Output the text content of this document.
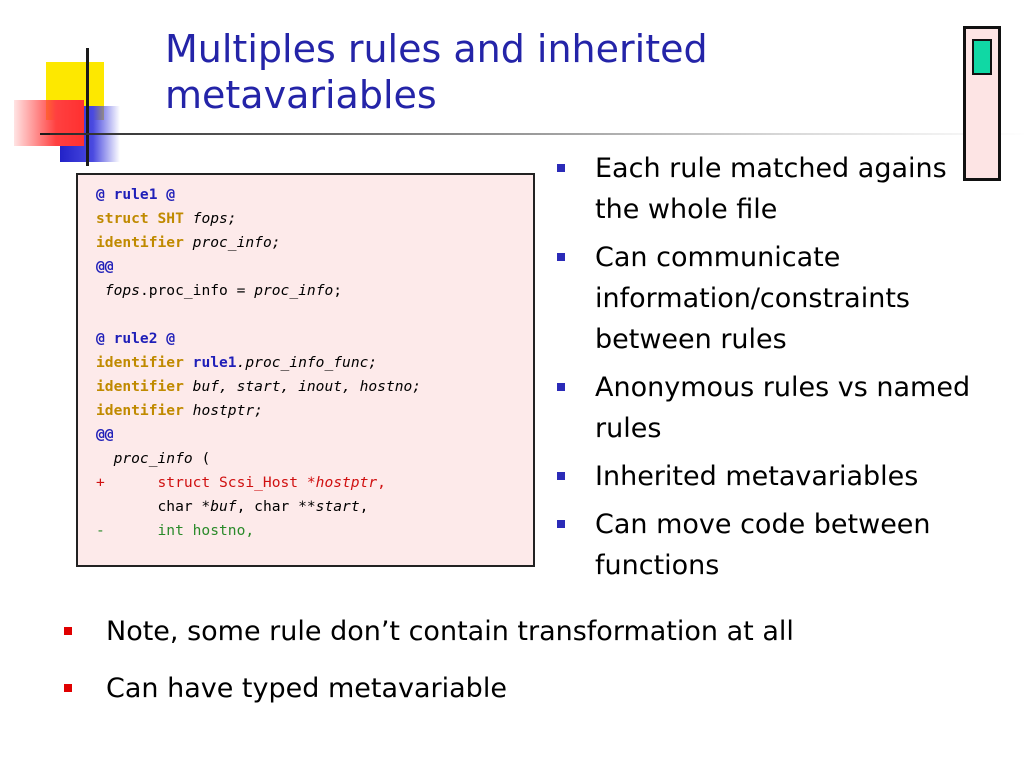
Multiples rules and inherited metavariables
@ rule1 @
struct SHT fops;
identifier proc_info;
@@
fops.proc_info = proc_info;
@ rule2 @
identifier rule1.proc_info_func;
identifier buf, start, inout, hostno;
identifier hostptr;
@@
proc_info (
+      struct Scsi_Host *hostptr,
char *buf, char **start,
-      int hostno,
Each rule matched agains the whole file
Can communicate information/constraints between rules
Anonymous rules vs named rules
Inherited metavariables
Can move code between functions
Note, some rule don’t contain transformation at all
Can have typed metavariable
